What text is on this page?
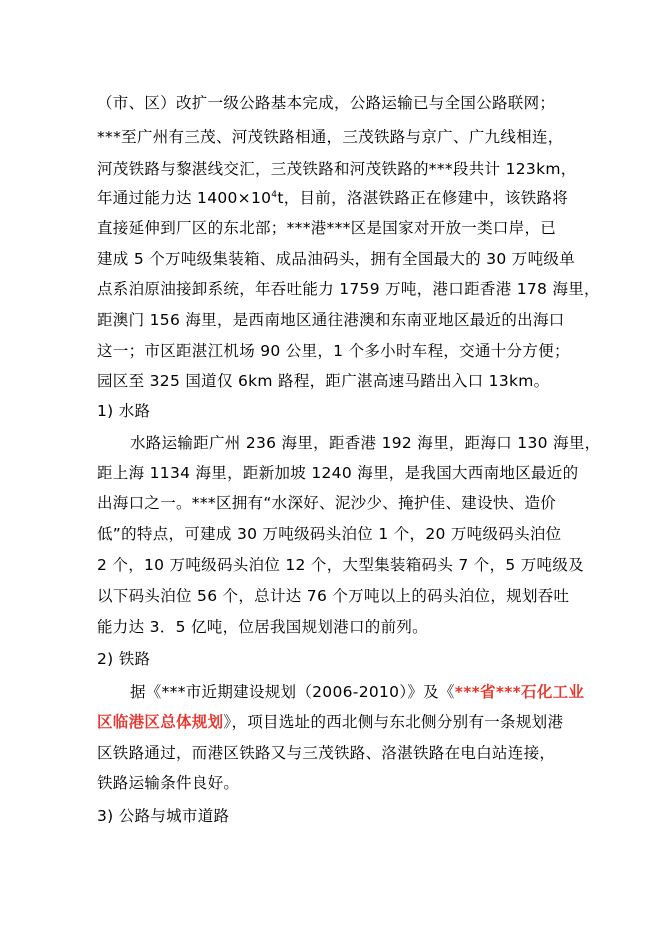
（市、区）改扩一级公路基本完成，公路运输已与全国公路联网；
***至广州有三茂、河茂铁路相通，三茂铁路与京广、广九线相连，
河茂铁路与黎湛线交汇，三茂铁路和河茂铁路的***段共计 123km，
年通过能力达 $1400\times 10^4t$，目前，洛湛铁路正在修建中，该铁路将
直接延伸到厂区的东北部；***港***区是国家对开放一类口岸，已
建成 5 个万吨级集装箱、成品油码头，拥有全国最大的 30 万吨级单
点系泊原油接卸系统，年吞吐能力 1759 万吨，港口距香港 178 海里，
距澳门 156 海里，是西南地区通往港澳和东南亚地区最近的出海口
这一；市区距湛江机场 90 公里，1 个多小时车程，交通十分方便；
园区至 325 国道仅 6km 路程，距广湛高速马踏出入口 13km。
1) 水路
水路运输距广州 236 海里，距香港 192 海里，距海口 130 海里，
距上海 1134 海里，距新加坡 1240 海里，是我国大西南地区最近的
出海口之一。***区拥有“水深好、泥沙少、掩护佳、建设快、造价
低”的特点，可建成 30 万吨级码头泊位 1 个，20 万吨级码头泊位
2 个，10 万吨级码头泊位 12 个，大型集装箱码头 7 个，5 万吨级及
以下码头泊位 56 个，总计达 76 个万吨以上的码头泊位，规划吞吐
能力达 3．5 亿吨，位居我国规划港口的前列。
2) 铁路
据《***市近期建设规划（2006-2010）》及《***省***石化工业
区临港区总体规划》，项目选址的西北侧与东北侧分别有一条规划港
区铁路通过，而港区铁路又与三茂铁路、洛湛铁路在电白站连接，
铁路运输条件良好。
3) 公路与城市道路
